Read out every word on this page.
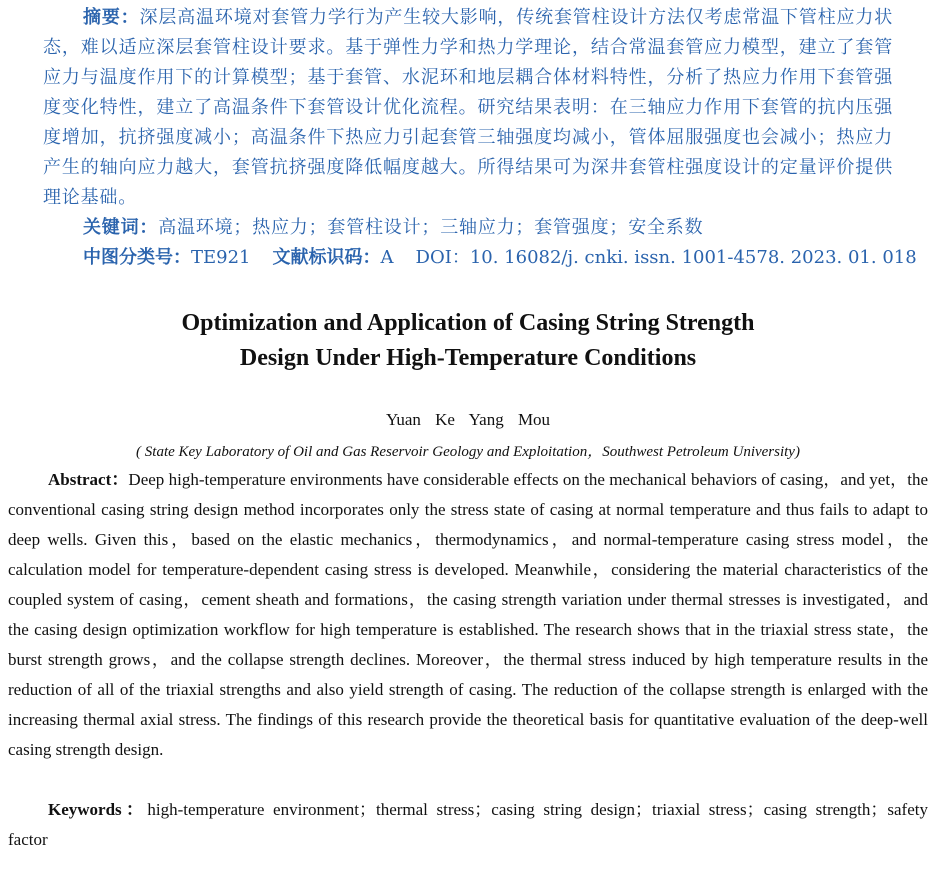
摘要：深层高温环境对套管力学行为产生较大影响，传统套管柱设计方法仅考虑常温下管柱应力状态，难以适应深层套管柱设计要求。基于弹性力学和热力学理论，结合常温套管应力模型，建立了套管应力与温度作用下的计算模型；基于套管、水泥环和地层耦合体材料特性，分析了热应力作用下套管强度变化特性，建立了高温条件下套管设计优化流程。研究结果表明：在三轴应力作用下套管的抗内压强度增加，抗挤强度减小；高温条件下热应力引起套管三轴强度均减小，管体屈服强度也会减小；热应力产生的轴向应力越大，套管抗挤强度降低幅度越大。所得结果可为深井套管柱强度设计的定量评价提供理论基础。
关键词：高温环境；热应力；套管柱设计；三轴应力；套管强度；安全系数
中图分类号：TE921 文献标识码：A DOI：10. 16082/j. cnki. issn. 1001-4578. 2023. 01. 018
Optimization and Application of Casing String Strength
Design Under High-Temperature Conditions
Yuan Ke Yang Mou
( State Key Laboratory of Oil and Gas Reservoir Geology and Exploitation，Southwest Petroleum University)
Abstract：Deep high-temperature environments have considerable effects on the mechanical behaviors of casing，and yet，the conventional casing string design method incorporates only the stress state of casing at normal temperature and thus fails to adapt to deep wells. Given this，based on the elastic mechanics，thermodynamics，and normal-temperature casing stress model，the calculation model for temperature-dependent casing stress is developed. Meanwhile，considering the material characteristics of the coupled system of casing，cement sheath and formations，the casing strength variation under thermal stresses is investigated，and the casing design optimization workflow for high temperature is established. The research shows that in the triaxial stress state，the burst strength grows，and the collapse strength declines. Moreover，the thermal stress induced by high temperature results in the reduction of all of the triaxial strengths and also yield strength of casing. The reduction of the collapse strength is enlarged with the increasing thermal axial stress. The findings of this research provide the theoretical basis for quantitative evaluation of the deep-well casing strength design.
Keywords：high-temperature environment；thermal stress；casing string design；triaxial stress；casing strength；safety factor
